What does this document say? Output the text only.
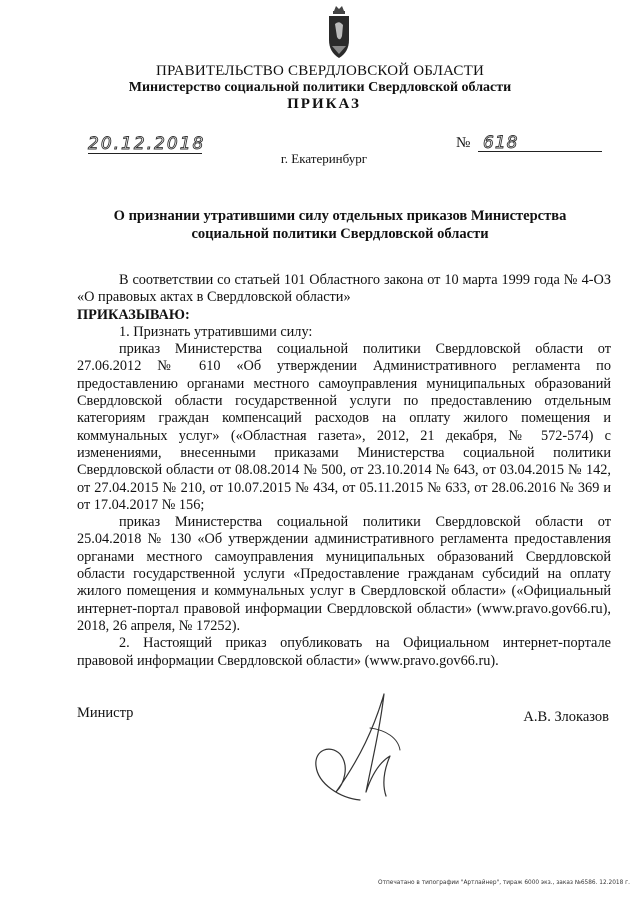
ПРАВИТЕЛЬСТВО СВЕРДЛОВСКОЙ ОБЛАСТИ

Министерство социальной политики Свердловской области

ПРИКАЗ

20.12.2018	№ 618
г. Екатеринбург

О признании утратившими силу отдельных приказов Министерства
социальной политики Свердловской области

В соответствии со статьей 101 Областного закона от 10 марта 1999 года № 4-ОЗ «О правовых актах в Свердловской области»

ПРИКАЗЫВАЮ:

1. Признать утратившими силу:

приказ Министерства социальной политики Свердловской области от 27.06.2012 № 610 «Об утверждении Административного регламента по предоставлению органами местного самоуправления муниципальных образований Свердловской области государственной услуги по предоставлению отдельным категориям граждан компенсаций расходов на оплату жилого помещения и коммунальных услуг» («Областная газета», 2012, 21 декабря, № 572-574) с изменениями, внесенными приказами Министерства социальной политики Свердловской области от 08.08.2014 № 500, от 23.10.2014 № 643, от 03.04.2015 № 142, от 27.04.2015 № 210, от 10.07.2015 № 434, от 05.11.2015 № 633, от 28.06.2016 № 369 и от 17.04.2017 № 156;

приказ Министерства социальной политики Свердловской области от 25.04.2018 № 130 «Об утверждении административного регламента предоставления органами местного самоуправления муниципальных образований Свердловской области государственной услуги «Предоставление гражданам субсидий на оплату жилого помещения и коммунальных услуг в Свердловской области» («Официальный интернет-портал правовой информации Свердловской области» (www.pravo.gov66.ru), 2018, 26 апреля, № 17252).

2. Настоящий приказ опубликовать на Официальном интернет-портале правовой информации Свердловской области» (www.pravo.gov66.ru).

Министр	А.В. Злоказов
Отпечатано в типографии "Артлайнер", тираж 6000 экз., заказ №6586. 12.2018 г.
